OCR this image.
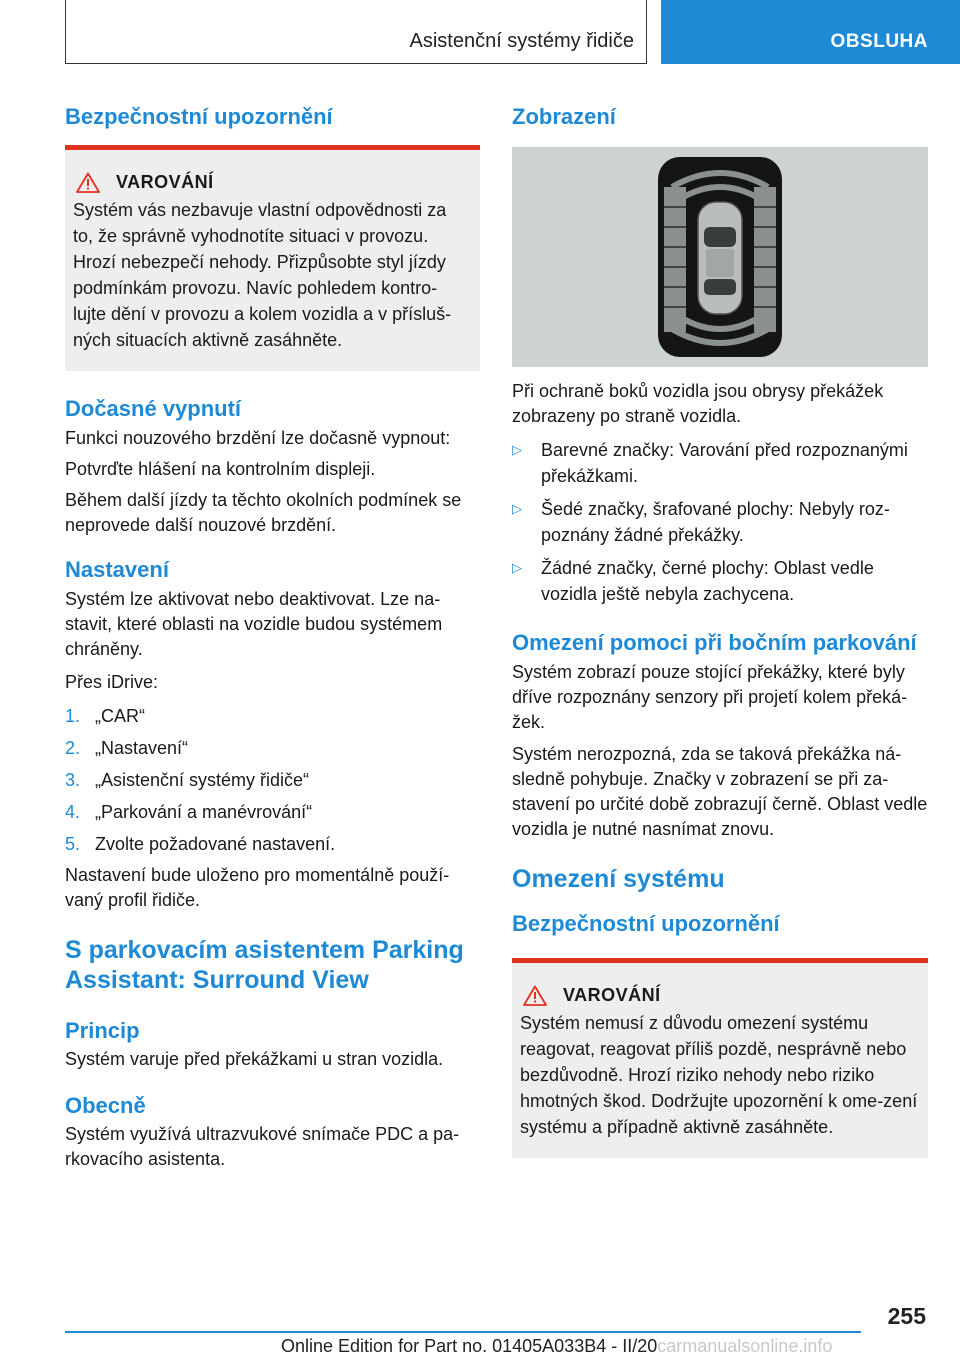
Asistenční systémy řidiče	OBSLUHA
Bezpečnostní upozornění
VAROVÁNÍ

Systém vás nezbavuje vlastní odpovědnosti za to, že správně vyhodnotíte situaci v provozu. Hrozí nebezpečí nehody. Přizpůsobte styl jízdy podmínkám provozu. Navíc pohledem kontro-lujte dění v provozu a kolem vozidla a v přísluš-ných situacích aktivně zasáhněte.

Dočasné vypnutí

Funkci nouzového brzdění lze dočasně vypnout:

Potvrďte hlášení na kontrolním displeji.

Během další jízdy ta těchto okolních podmínek se neprovede další nouzové brzdění.

Nastavení

Systém lze aktivovat nebo deaktivovat. Lze na-stavit, které oblasti na vozidle budou systémem chráněny.

Přes iDrive:

1. „CAR“
2. „Nastavení“
3. „Asistenční systémy řidiče“
4. „Parkování a manévrování“
5. Zvolte požadované nastavení.

Nastavení bude uloženo pro momentálně použí-vaný profil řidiče.

S parkovacím asistentem Parking Assistant: Surround View
Princip

Systém varuje před překážkami u stran vozidla.

Obecně

Systém využívá ultrazvukové snímače PDC a pa-rkovacího asistenta.

Zobrazení

Při ochraně boků vozidla jsou obrysy překážek zobrazeny po straně vozidla.

▷	Barevné značky: Varování před rozpoznanými překážkami.
▷	Šedé značky, šrafované plochy: Nebyly roz-poznány žádné překážky.
▷	Žádné značky, černé plochy: Oblast vedle vozidla ještě nebyla zachycena.
Omezení pomoci při bočním parkování

Systém zobrazí pouze stojící překážky, které byly dříve rozpoznány senzory při projetí kolem překá-žek.

Systém nerozpozná, zda se taková překážka ná-sledně pohybuje. Značky v zobrazení se při za-stavení po určité době zobrazují černě. Oblast vedle vozidla je nutné nasnímat znovu.

Omezení systému
Bezpečnostní upozornění
VAROVÁNÍ

Systém nemusí z důvodu omezení systému reagovat, reagovat příliš pozdě, nesprávně nebo bezdůvodně. Hrozí riziko nehody nebo riziko hmotných škod. Dodržujte upozornění k ome-zení systému a případně aktivně zasáhněte.

255
Online Edition for Part no. 01405A033B4 - II/20carmanualsonline.info
